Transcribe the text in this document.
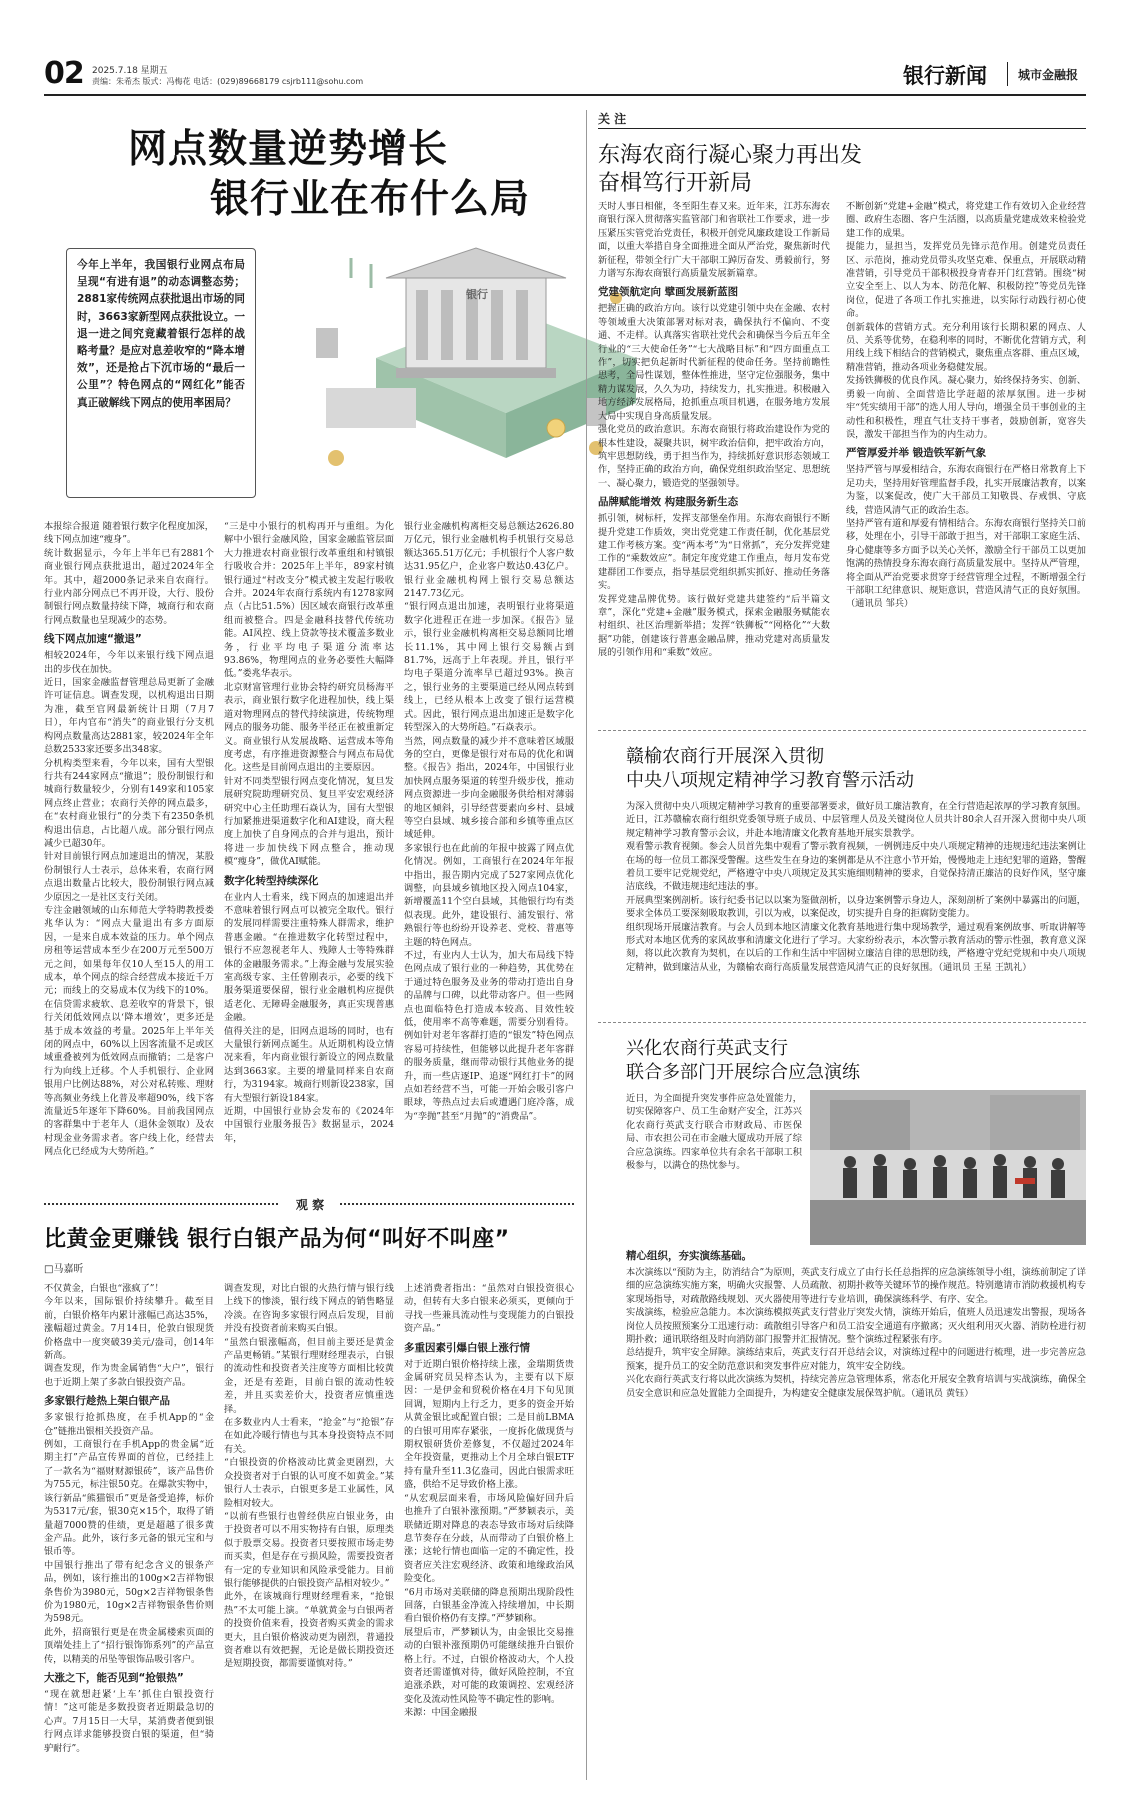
02 2025.7.18 星期五
责编：朱希杰 版式：冯梅花 电话：(029)89668179 csjrb111@sohu.com	银行新闻	城市金融报
网点数量逆势增长
银行业在布什么局
银行
今年上半年，我国银行业网点布局呈现“有进有退”的动态调整态势；2881家传统网点获批退出市场的同时，3663家新型网点获批设立。一退一进之间究竟藏着银行怎样的战略考量？是应对息差收窄的“降本增效”，还是抢占下沉市场的“最后一公里”？特色网点的“网红化”能否真正破解线下网点的使用率困局？
本报综合报道 随着银行数字化程度加深，线下网点加速“瘦身”。
统计数据显示，今年上半年已有2881个商业银行网点获批退出，超过2024年全年。其中，超2000条记录来自农商行。行业内部分网点已不再开设，大行、股份制银行网点数量持续下降，城商行和农商行网点数量也呈现减少的态势。
线下网点加速“撤退”
相较2024年，今年以来银行线下网点退出的步伐在加快。
近日，国家金融监督管理总局更新了金融许可证信息。调查发现，以机构退出日期为准，截至官网最新统计日期（7月7日），年内官布“消失”的商业银行分支机构网点数量高达2881家，较2024年全年总数2533家还要多出348家。
分机构类型来看，今年以来，国有大型银行共有244家网点“撤退”；股份制银行和城商行数量较少，分别有149家和105家网点终止营业；农商行关停的网点最多，在“农村商业银行”的分类下有2350条机构退出信息，占比超八成。部分银行网点减少已超30年。
针对目前银行网点加速退出的情况，某股份制银行人士表示，总体来看，农商行网点退出数量占比较大，股份制银行网点减少原因之一是社区支行关闭。
专注金融领域的山东师范大学特聘教授娄兆华认为：“网点大量退出有多方面原因，一是来自成本效益的压力。单个网点房租等运营成本至少在200万元至500万元之间，如果每年仅10人至15人的用工成本，单个网点的综合经营成本接近千万元；而线上的交易成本仅为线下的10%。在信贷需求疲软、息差收窄的背景下，银行关闭低效网点以‘降本增效’，更多还是基于成本效益的考量。2025年上半年关闭的网点中，60%以上因客流量不足或区域重叠被列为低效网点而撤销；二是客户行为向线上迁移。个人手机银行、企业网银用户比例达88%，对公对私转账、理财等高频业务线上化普及率超90%，线下客流量近5年逐年下降60%。目前我国网点的客群集中于老年人（退休金领取）及农村现金业务需求者。客户线上化，经营去网点化已经成为大势所趋。”
“三是中小银行的机构再开与重组。为化解中小银行金融风险，国家金融监管层面大力推进农村商业银行改革重组和村镇银行吸收合并：2025年上半年，89家村镇银行通过“村改支分”模式被主发起行吸收合并。2024年农商行系统内有1278家网点（占比51.5%）因区域农商银行改革重组而被整合。四是金融科技替代传统功能。AI风控、线上贷款等技术覆盖多数业务，行业平均电子渠道分流率达93.86%，物理网点的业务必要性大幅降低。”娄兆华表示。
北京财富管理行业协会特约研究员杨海平表示，商业银行数字化进程加快，线上渠道对物理网点的替代持续演进，传统物理网点的服务功能、服务半径正在被重新定义。商业银行从发展战略、运营成本等角度考虑，有序推进资源整合与网点布局优化。这些是目前网点退出的主要原因。
针对不同类型银行网点变化情况，复旦发展研究院助理研究员、复旦平安宏观经济研究中心主任助理石焱认为，国有大型银行加紧推进渠道数字化和AI建设，商大程度上加快了自身网点的合并与退出，预计将进一步加快线下网点整合，推动现模“瘦身”，做优AI赋能。
数字化转型持续深化
在业内人士看来，线下网点的加速退出并不意味着银行网点可以被完全取代。银行的发展同样需要注重特殊人群需求，维护普惠金融。“在推进数字化转型过程中，银行不应忽视老年人、残障人士等特殊群体的金融服务需求。”上海金融与发展实验室高级专家、主任曾刚表示，必要的线下服务渠道要保留，银行业金融机构应提供适老化、无障碍金融服务，真正实现普惠金融。
值得关注的是，旧网点退场的同时，也有大量银行新网点诞生。从近期机构设立情况来看，年内商业银行新设立的网点数量达到3663家。主要的增量同样来自农商行，为3194家。城商行则新设238家，国有大型银行新设184家。
近期，中国银行业协会发布的《2024年中国银行业服务报告》数据显示，2024年，
银行业金融机构离柜交易总额达2626.80万亿元，银行业金融机构手机银行交易总额达365.51万亿元；手机银行个人客户数达31.95亿户，企业客户数达0.43亿户。银行业金融机构网上银行交易总额达2147.73亿元。
“银行网点退出加速，表明银行业将渠道数字化进程正在进一步加深。《报告》显示，银行业金融机构离柜交易总额同比增长11.1%，其中网上银行交易额占到81.7%，远高于上年表现。并且，银行平均电子渠道分流率早已超过93%。换言之，银行业务的主要渠道已经从网点转到线上，已经从根本上改变了银行运营模式。因此，银行网点退出加速正是数字化转型深入的大势所趋。”石焱表示。
当然，网点数量的减少并不意味着区域服务的空白，更像是银行对布局的优化和调整。《报告》指出，2024年，中国银行业加快网点服务渠道的转型升级步伐，推动网点资源进一步向金融服务供给相对薄弱的地区倾斜，引导经营要素向乡村、县域等空白县域、城乡接合部和乡镇等重点区域延伸。
多家银行也在此前的年报中披露了网点优化情况。例如，工商银行在2024年年报中指出，报告期内完成了527家网点优化调整，向县域乡镇地区投入网点104家，新增覆盖11个空白县域，其他银行均有类似表现。此外，建设银行、浦发银行、常熟银行等也纷纷开设养老、党校、普惠等主题的特色网点。
不过，有业内人士认为，加大布局线下特色网点成了银行业的一种趋势，其优势在于通过特色服务及业务的带动打造出自身的品牌与口碑，以此带动客户。但一些网点也面临特色打造成本较高、目效性较低，使用率不高等难题，需要分别看待。例如针对老年客群打造的“银发”特色网点容易可持续性，但能够以此提升老年客群的服务质量，继而带动银行其他业务的提升，而一些店逐IP、追逐“网红打卡”的网点如若经营不当，可能一开始会吸引客户眼球，等热点过去后或遭遇门庭冷落，成为“孪抛”甚至“月抛”的“消费品”。
观 察
比黄金更赚钱 银行白银产品为何“叫好不叫座”
□马嘉昕
不仅黄金，白银也“涨疯了”！
今年以来，国际银价持续攀升。截至目前，白银价格年内累计涨幅已高达35%，涨幅超过黄金。7月14日，伦敦白银现货价格盘中一度突破39美元/盎司，创14年新高。
调查发现，作为贵金属销售“大户”，银行也于近期上架了多款白银投资产品。
多家银行趁热上架白银产品
多家银行抢抓热度，在手机App的“金仓”链推出银相关投资产品。
例如，工商银行在手机App的贵金属“近期主打”产品宣传界面的首位，已经挂上了一款名为“福财财源银砖”，该产品售价为755元，标注银50克。在爆款实物中，该行新品“熊猫银币”更是备受追捧，标价为5317元/套，银30克×15个，取得了销量超7000赞的佳绩，更是超越了很多黄金产品。此外，该行多元备的银元宝和与银币等。
中国银行推出了带有纪念含义的银条产品，例如，该行推出的100g×2吉祥物银条售价为3980元，50g×2吉祥物银条售价为1980元，10g×2吉祥物银条售价则为598元。
此外，招商银行更是在贵金属楼索页面的顶端处挂上了“招行银饰饰系列”的产品宣传，以精美的吊坠等银饰品吸引客户。
大涨之下，能否见到“抢银热”
“现在就想赶紧‘上车’抓住白银投资行情！”这可能是多数投资者近期最急切的心声。7月15日一大早，某消费者便到银行网点详求能够投资白银的渠道，但“骑驴耐行”。
调查发现，对比白银的火热行情与银行线上线下的惨淡，银行线下网点的销售略显冷淡。在咨询多家银行网点后发现，目前并没有投资者前来购买白银。
“虽然白银涨幅高，但目前主要还是黄金产品更畅销。”某银行理财经理表示，白银的流动性和投资者关注度等方面相比较黄金，还是有差距，目前白银的流动性较差，并且买卖差价大，投资者应慎重选择。
在多数业内人士看来，“抢金”与“抢银”存在如此冷暖行情也与其本身投资特点不同有关。
“白银投资的价格波动比黄金更剧烈，大众投资者对于白银的认可度不如黄金。”某银行人士表示，白银更多是工业属性，风险相对较大。
“以前有些银行也曾经供应白银业务，由于投资者可以不用实物持有白银，原理类似于股票交易。投资者只要按照市场走势而买卖，但是存在亏损风险，需要投资者有一定的专业知识和风险承受能力。目前银行能够提供的白银投资产品相对较少。”
此外，在该城商行理财经理看来，“抢银热”不太可能上演。“单就黄金与白银两者的投资价值来看，投资者购买黄金的需求更大，且白银价格波动更为剧烈，普通投资者难以有效把握，无论是做长期投资还是短期投资，都需要谨慎对待。”
上述消费者指出：“虽然对白银投资很心动，但转有大多白银来必须买，更倾向于寻找一些兼具流动性与变现能力的白银投资产品。”
多重因素引爆白银上涨行情
对于近期白银价格持续上涨，金瑞期货贵金属研究员吴梓杰认为，主要有以下原因：一是伊金和贸税价格在4月下旬见顶回调，短期内上行乏力，更多的资金开始从黄金银比或配置白银；二是目前LBMA的白银可用库存紧张，一度拆化做现货与期权银研货价差修复，不仅超过2024年全年投资量，更推动上个月全球白银ETF持有量升至11.3亿盎司，因此白银需求旺盛，供给不足导致价格上涨。
“从宏观层面来看，市场风险偏好回升后也推升了白银补涨预期。”严梦颖表示，美联储近期对降息的表态导致市场对后续降息节奏存在分歧，从而带动了白银价格上涨；这轮行情也面临一定的不确定性，投资者应关注宏观经济、政策和地缘政治风险变化。
“6月市场对美联储的降息预期出现阶段性回落，白银基金净流入持续增加，中长期看白银价格仍有支撑。”严梦颖称。
展望后市，严梦颖认为，由金银比交易推动的白银补涨预期仍可能继续推升白银价格上行。不过，白银价格波动大，个人投资者还需谨慎对待，做好风险控制，不宜追涨杀跌，对可能的政策调控、宏观经济变化及流动性风险等不确定性的影响。
来源：中国金融报
关 注
东海农商行凝心聚力再出发
奋楫笃行开新局
天时人事日相催，冬至阳生春又来。近年来，江苏东海农商银行深入贯彻落实监管部门和省联社工作要求，进一步压紧压实管党治党责任，积极开创党风廉政建设工作新局面，以重大举措自身全面推进全面从严治党，聚焦新时代新征程，带领全行广大干部职工踔厉奋发、勇毅前行，努力谱写东海农商银行高质量发展新篇章。
党建领航定向 擘画发展新蓝图
把握正确的政治方向。该行以党建引领中央在金融、农村等领域重大决策部署对标对表，确保执行不偏向、不变通、不走样。认真落实省联社党代会和确保当今后五年全行业的“三大使命任务”“七大战略目标”和“四方面重点工作”，切实把负起新时代新征程的使命任务。坚持前瞻性思考，全局性谋划，整体性推进，坚守定位强服务，集中精力谋发展，久久为功，持续发力，扎实推进。积极融入地方经济发展格局，抢抓重点项目机遇，在服务地方发展大局中实现自身高质量发展。
强化党员的政治意识。东海农商银行将政治建设作为党的根本性建设，凝聚共识，树牢政治信仰，把牢政治方向，筑牢思想防线，勇于担当作为，持续抓好意识形态领域工作，坚持正确的政治方向，确保党组织政治坚定、思想统一、凝心聚力，锻造党的坚强领导。
品牌赋能增效 构建服务新生态
抓引领，树标杆，发挥支部堡垒作用。东海农商银行不断提升党建工作质效，突出党党建工作责任制，优化基层党建工作考核方案。变“两本考”为“日常抓”，充分发挥党建工作的“乘数效应”。制定年度党建工作重点，每月发布党建群团工作要点，指导基层党组织抓实抓好、推动任务落实。
发挥党建品牌优势。该行做好党建共建签约“后半篇文章”，深化“党建+金融”服务模式，探索金融服务赋能农村组织、社区治理新举措；发挥“铁狮板”“网格化”“大数据”功能，创建该行普惠金融品牌，推动党建对高质量发展的引领作用和“乘数”效应。
不断创新“党建+金融”模式，将党建工作有效切入企业经营圈、政府生态圈、客户生活圈，以高质量党建成效来检验党建工作的成果。
提能力，显担当，发挥党员先锋示范作用。创建党员责任区、示范岗，推动党员带头攻坚克难、保重点，开展联动精准营销，引导党员干部积极投身青春开门红营销。围绕“树立安全至上、以人为本、防范化解、积极防控”等党员先锋岗位，促进了各项工作扎实推进，以实际行动践行初心使命。
创新载体的营销方式。充分利用该行长期积累的网点、人员、关系等优势，在稳利率的同时，不断优化营销方式，利用线上线下相结合的营销模式，聚焦重点客群、重点区域，精准营销，推动各项业务稳健发展。
发扬铁狮极的优良作风。凝心聚力，始终保持务实、创新、勇毅一向前、全面营造比学赶超的浓厚氛围。进一步树牢“凭实绩用干部”的选人用人导向，增强全员干事创业的主动性和积极性，理直气壮支持干事者，鼓励创新，宽容失误，激发干部担当作为的内生动力。
严管厚爱并举 锻造铁军新气象
坚持严管与厚爱相结合，东海农商银行在严格日常教育上下足功夫，坚持用好管理监督手段，扎实开展廉洁教育，以案为鉴，以案促改，使广大干部员工知敬畏、存戒惧、守底线，营造风清气正的政治生态。
坚持严管有道和厚爱有情相结合。东海农商银行坚持关口前移，处理在小，引导干部敢于担当，对干部职工家庭生活、身心健康等多方面予以关心关怀，激励全行干部员工以更加饱满的热情投身东海农商行高质量发展中。坚持从严管理，将全面从严治党要求贯穿于经营管理全过程，不断增强全行干部职工纪律意识、规矩意识，营造风清气正的良好氛围。（通讯员 邹兵）
赣榆农商行开展深入贯彻
中央八项规定精神学习教育警示活动
为深入贯彻中央八项规定精神学习教育的重要部署要求，做好员工廉洁教育，在全行营造起浓厚的学习教育氛围。近日，江苏赣榆农商行组织党委领导班子成员、中层管理人员及关键岗位人员共计80余人召开深入贯彻中央八项规定精神学习教育警示会议，并赴本地清廉文化教育基地开展实景教学。
观看警示教育视频。参会人员首先集中观看了警示教育视频，一例例违反中央八项规定精神的违规违纪违法案例让在场的每一位员工都深受警醒。这些发生在身边的案例都是从不注意小节开始，慢慢地走上违纪犯罪的道路，警醒着员工要牢记党规党纪，严格遵守中央八项规定及其实施细则精神的要求，自觉保持清正廉洁的良好作风，坚守廉洁底线，不做违规违纪违法的事。
开展典型案例剖析。该行纪委书记以以案为鉴做剖析，以身边案例警示身边人，深刻剖析了案例中暴露出的问题，要求全体员工要深刻吸取教训，引以为戒，以案促改，切实提升自身的拒腐防变能力。
组织现场开展廉洁教育。与会人员到本地区清廉文化教育基地进行集中现场教学，通过观看案例故事、听取讲解等形式对本地区优秀的家风故事和清廉文化进行了学习。大家纷纷表示，本次警示教育活动的警示性强，教育意义深刻，将以此次教育为契机，在以后的工作和生活中牢固树立廉洁自律的思想防线，严格遵守党纪党规和中央八项规定精神，做到廉洁从业，为赣榆农商行高质量发展营造风清气正的良好氛围。（通讯员 王星 王凯礼）
兴化农商行英武支行
联合多部门开展综合应急演练
近日，为全面提升突发事件应急处置能力，切实保障客户、员工生命财产安全，江苏兴化农商行英武支行联合市财政局、市医保局、市农担公司在市金融大厦成功开展了综合应急演练。四家单位共有余名干部职工积极参与，以满仓的热忱参与。
精心组织，夯实演练基础。
本次演练以“预防为主，防消结合”为原则，英武支行成立了由行长任总指挥的应急演练领导小组，演练前制定了详细的应急演练实施方案，明确火灾报警、人员疏散、初期扑救等关键环节的操作规范。特别邀请市消防救援机构专家现场指导，对疏散路线规划、灭火器使用等进行专业培训，确保演练科学、有序、安全。
实战演练，检验应急能力。本次演练模拟英武支行营业厅突发火情，演练开始后，值班人员迅速发出警报，现场各岗位人员按照预案分工迅速行动：疏散组引导客户和员工沿安全通道有序撤离；灭火组利用灭火器、消防栓进行初期扑救；通讯联络组及时向消防部门报警并汇报情况。整个演练过程紧张有序。
总结提升，筑牢安全屏障。演练结束后，英武支行召开总结会议，对演练过程中的问题进行梳理，进一步完善应急预案，提升员工的安全防范意识和突发事件应对能力，筑牢安全防线。
兴化农商行英武支行将以此次演练为契机，持续完善应急管理体系，常态化开展安全教育培训与实战演练，确保全员安全意识和应急处置能力全面提升，为构建安全健康发展保驾护航。（通讯员 黄钰）
